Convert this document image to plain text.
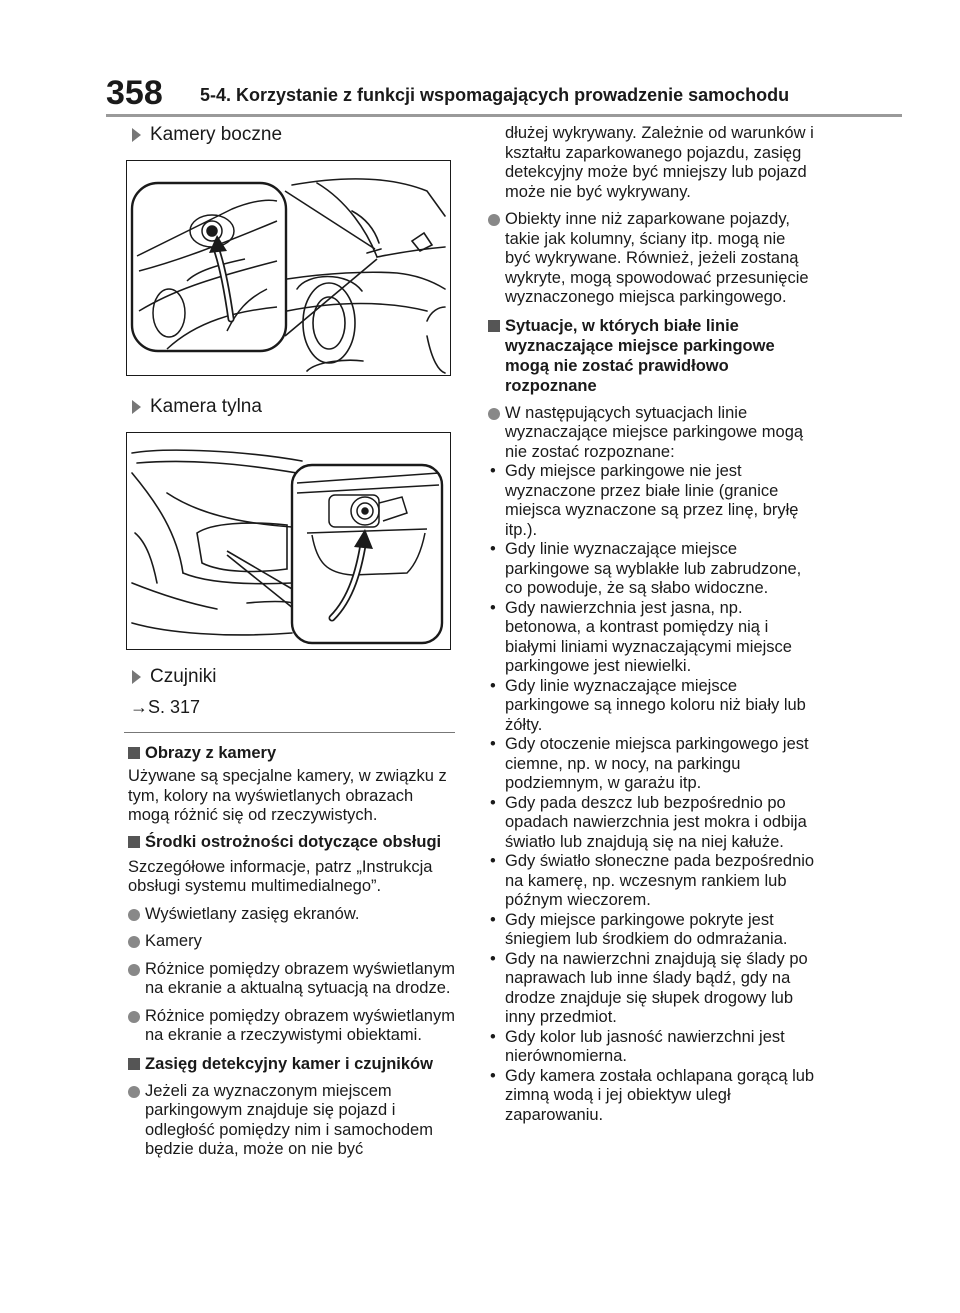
358 5-4. Korzystanie z funkcji wspomagających prowadzenie samochodu

Kamery boczne

Kamera tylna

Czujniki

→S. 317

Obrazy z kamery

Używane są specjalne kamery, w związku z tym, kolory na wyświetlanych obrazach mogą różnić się od rzeczywistych.

Środki ostrożności dotyczące obsługi

Szczegółowe informacje, patrz „Instrukcja obsługi systemu multimedialnego”.

Wyświetlany zasięg ekranów.

Kamery

Różnice pomiędzy obrazem wyświetlanym na ekranie a aktualną sytuacją na drodze.

Różnice pomiędzy obrazem wyświetlanym na ekranie a rzeczywistymi obiektami.

Zasięg detekcyjny kamer i czujników

Jeżeli za wyznaczonym miejscem parkingowym znajduje się pojazd i odległość pomiędzy nim i samochodem będzie duża, może on nie być

dłużej wykrywany. Zależnie od warunków i kształtu zaparkowanego pojazdu, zasięg detekcyjny może być mniejszy lub pojazd może nie być wykrywany.

Obiekty inne niż zaparkowane pojazdy, takie jak kolumny, ściany itp. mogą nie być wykrywane. Również, jeżeli zostaną wykryte, mogą spowodować przesunięcie wyznaczonego miejsca parkingowego.

Sytuacje, w których białe linie wyznaczające miejsce parkingowe mogą nie zostać prawidłowo rozpoznane

W następujących sytuacjach linie wyznaczające miejsce parkingowe mogą nie zostać rozpoznane:

• Gdy miejsce parkingowe nie jest wyznaczone przez białe linie (granice miejsca wyznaczone są przez linę, bryłę itp.).
• Gdy linie wyznaczające miejsce parkingowe są wyblakłe lub zabrudzone, co powoduje, że są słabo widoczne.
• Gdy nawierzchnia jest jasna, np. betonowa, a kontrast pomiędzy nią i białymi liniami wyznaczającymi miejsce parkingowe jest niewielki.
• Gdy linie wyznaczające miejsce parkingowe są innego koloru niż biały lub żółty.
• Gdy otoczenie miejsca parkingowego jest ciemne, np. w nocy, na parkingu podziemnym, w garażu itp.
• Gdy pada deszcz lub bezpośrednio po opadach nawierzchnia jest mokra i odbija światło lub znajdują się na niej kałuże.
• Gdy światło słoneczne pada bezpośrednio na kamerę, np. wczesnym rankiem lub późnym wieczorem.
• Gdy miejsce parkingowe pokryte jest śniegiem lub środkiem do odmrażania.
• Gdy na nawierzchni znajdują się ślady po naprawach lub inne ślady bądź, gdy na drodze znajduje się słupek drogowy lub inny przedmiot.
• Gdy kolor lub jasność nawierzchni jest nierównomierna.
• Gdy kamera została ochlapana gorącą lub zimną wodą i jej obiektyw uległ zaparowaniu.
